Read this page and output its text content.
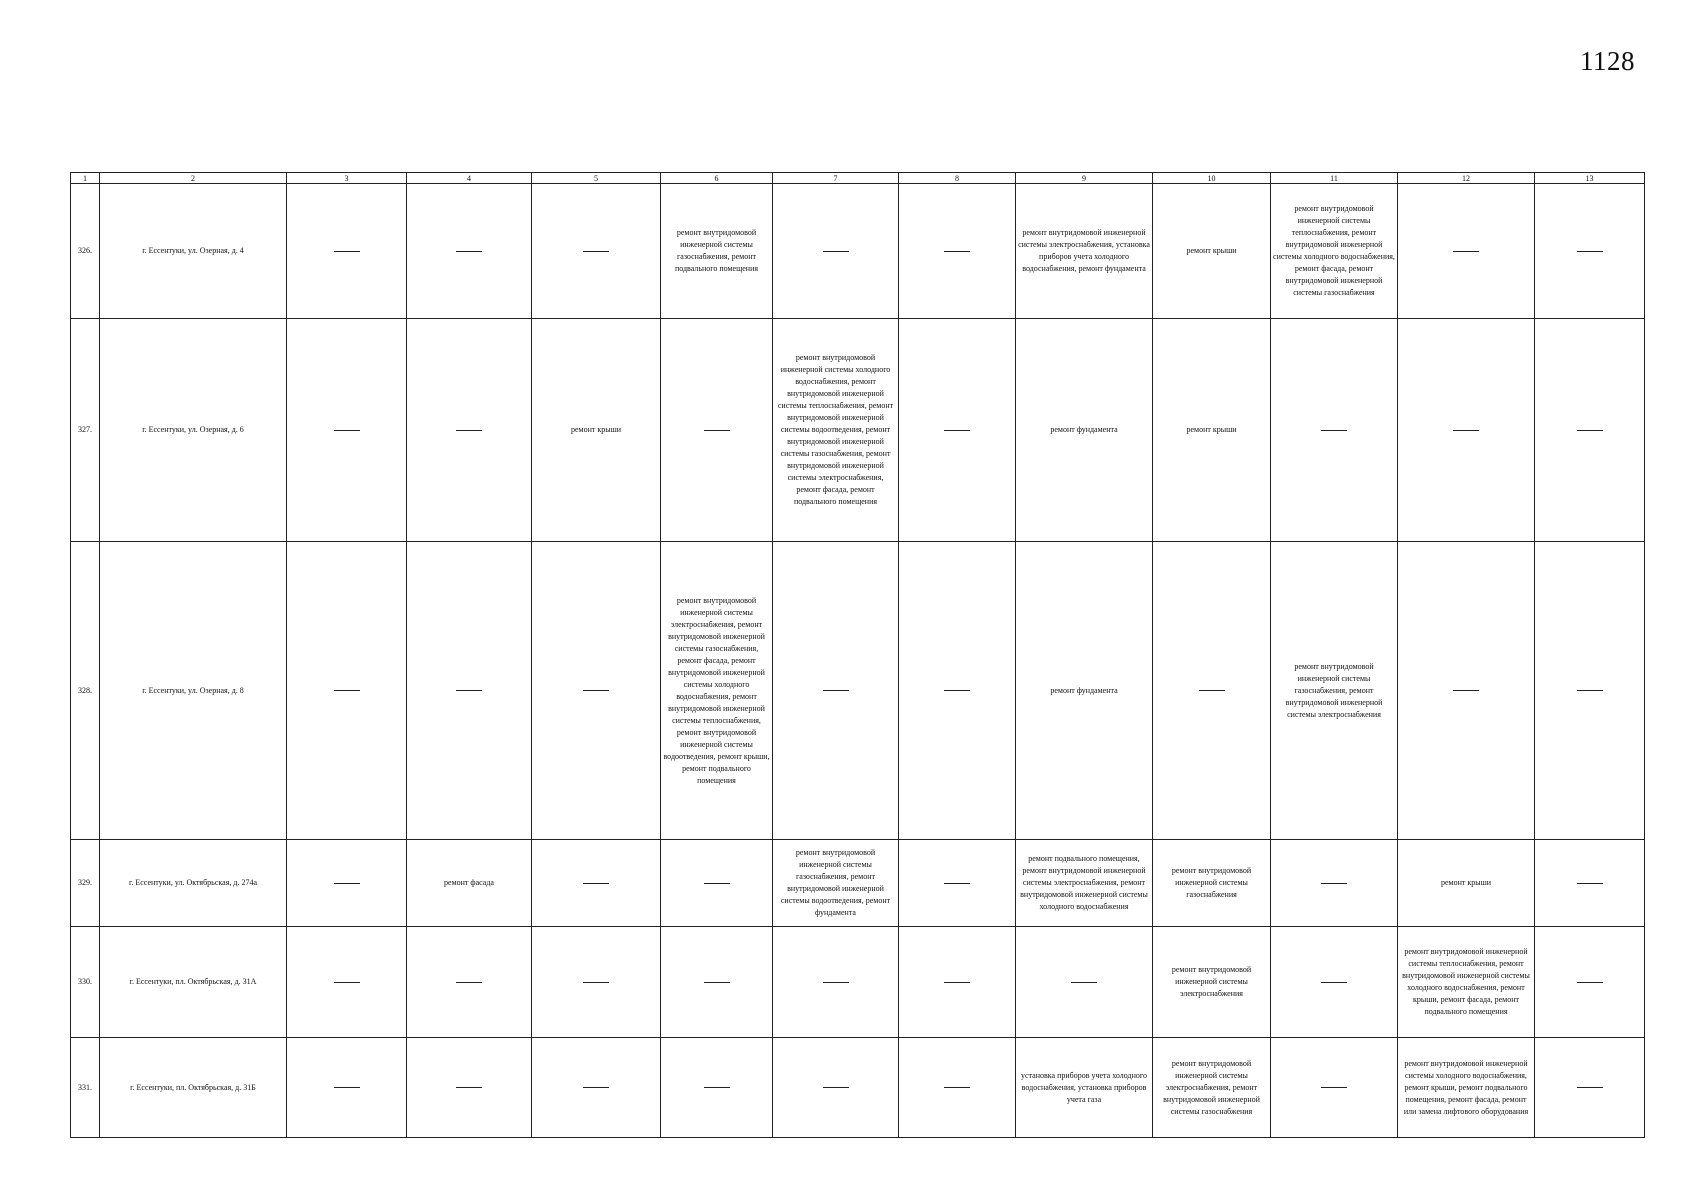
1128
1	2	3	4	5	6	7	8	9	10	11	12	13
326.	г. Ессентуки, ул. Озерная, д. 4				ремонт внутридомовой инженерной системы газоснабжения, ремонт подвального помещения			ремонт внутридомовой инженерной системы электроснабжения, установка приборов учета холодного водоснабжения, ремонт фундамента	ремонт крыши	ремонт внутридомовой инженерной системы теплоснабжения, ремонт внутридомовой инженерной системы холодного водоснабжения, ремонт фасада, ремонт внутридомовой инженерной системы газоснабжения		
327.	г. Ессентуки, ул. Озерная, д. 6			ремонт крыши		ремонт внутридомовой инженерной системы холодного водоснабжения, ремонт внутридомовой инженерной системы теплоснабжения, ремонт внутридомовой инженерной системы водоотведения, ремонт внутридомовой инженерной системы газоснабжения, ремонт внутридомовой инженерной системы электроснабжения, ремонт фасада, ремонт подвального помещения		ремонт фундамента	ремонт крыши			
328.	г. Ессентуки, ул. Озерная, д. 8				ремонт внутридомовой инженерной системы электроснабжения, ремонт внутридомовой инженерной системы газоснабжения, ремонт фасада, ремонт внутридомовой инженерной системы холодного водоснабжения, ремонт внутридомовой инженерной системы теплоснабжения, ремонт внутридомовой инженерной системы водоотведения, ремонт крыши, ремонт подвального помещения			ремонт фундамента		ремонт внутридомовой инженерной системы газоснабжения, ремонт внутридомовой инженерной системы электроснабжения		
329.	г. Ессентуки, ул. Октябрьская, д. 274а		ремонт фасада			ремонт внутридомовой инженерной системы газоснабжения, ремонт внутридомовой инженерной системы водоотведения, ремонт фундамента		ремонт подвального помещения, ремонт внутридомовой инженерной системы электроснабжения, ремонт внутридомовой инженерной системы холодного водоснабжения	ремонт внутридомовой инженерной системы газоснабжения		ремонт крыши	
330.	г. Ессентуки, пл. Октябрьская, д. 31А								ремонт внутридомовой инженерной системы электроснабжения		ремонт внутридомовой инженерной системы теплоснабжения, ремонт внутридомовой инженерной системы холодного водоснабжения, ремонт крыши, ремонт фасада, ремонт подвального помещения	
331.	г. Ессентуки, пл. Октябрьская, д. 31Б							установка приборов учета холодного водоснабжения, установка приборов учета газа	ремонт внутридомовой инженерной системы электроснабжения, ремонт внутридомовой инженерной системы газоснабжения		ремонт внутридомовой инженерной системы холодного водоснабжения, ремонт крыши, ремонт подвального помещения, ремонт фасада, ремонт или замена лифтового оборудования	
